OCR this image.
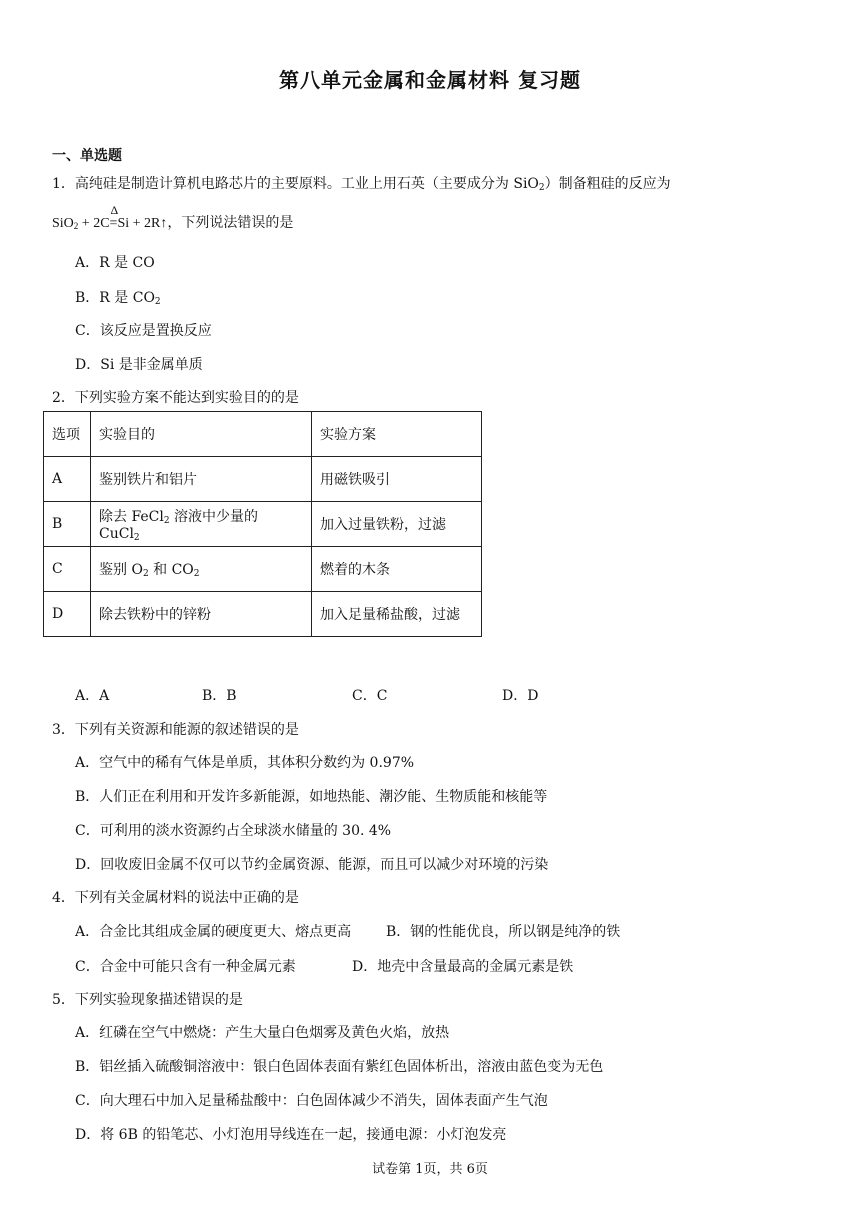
第八单元金属和金属材料 复习题
一、单选题
1．高纯硅是制造计算机电路芯片的主要原料。工业上用石英（主要成分为 SiO$_2$）制备粗硅的反应为
SiO$_2$ + 2C
Δ
=Si + 2R↑，下列说法错误的是
A．R 是 CO
B．R 是 $CO_2$
C．该反应是置换反应
D．Si 是非金属单质
2．下列实验方案不能达到实验目的的是
选项	实验目的	实验方案
A	鉴别铁片和铝片	用磁铁吸引
B	除去 FeCl$_2$ 溶液中少量的 CuCl$_2$	加入过量铁粉，过滤
C	鉴别 $O_2$ 和 $CO_2$	燃着的木条
D	除去铁粉中的锌粉	加入足量稀盐酸，过滤
A．A	B．B	C．C	D．D
3．下列有关资源和能源的叙述错误的是
A．空气中的稀有气体是单质，其体积分数约为 0.97%
B．人们正在利用和开发许多新能源，如地热能、潮汐能、生物质能和核能等
C．可利用的淡水资源约占全球淡水储量的 30. 4%
D．回收废旧金属不仅可以节约金属资源、能源，而且可以减少对环境的污染
4．下列有关金属材料的说法中正确的是
A．合金比其组成金属的硬度更大、熔点更高 B．钢的性能优良，所以钢是纯净的铁
C．合金中可能只含有一种金属元素	D．地壳中含量最高的金属元素是铁
5．下列实验现象描述错误的是
A．红磷在空气中燃烧：产生大量白色烟雾及黄色火焰，放热
B．铝丝插入硫酸铜溶液中：银白色固体表面有紫红色固体析出，溶液由蓝色变为无色
C．向大理石中加入足量稀盐酸中：白色固体减少不消失，固体表面产生气泡
D．将 6B 的铅笔芯、小灯泡用导线连在一起，接通电源：小灯泡发亮
试卷第 1页，共 6页
